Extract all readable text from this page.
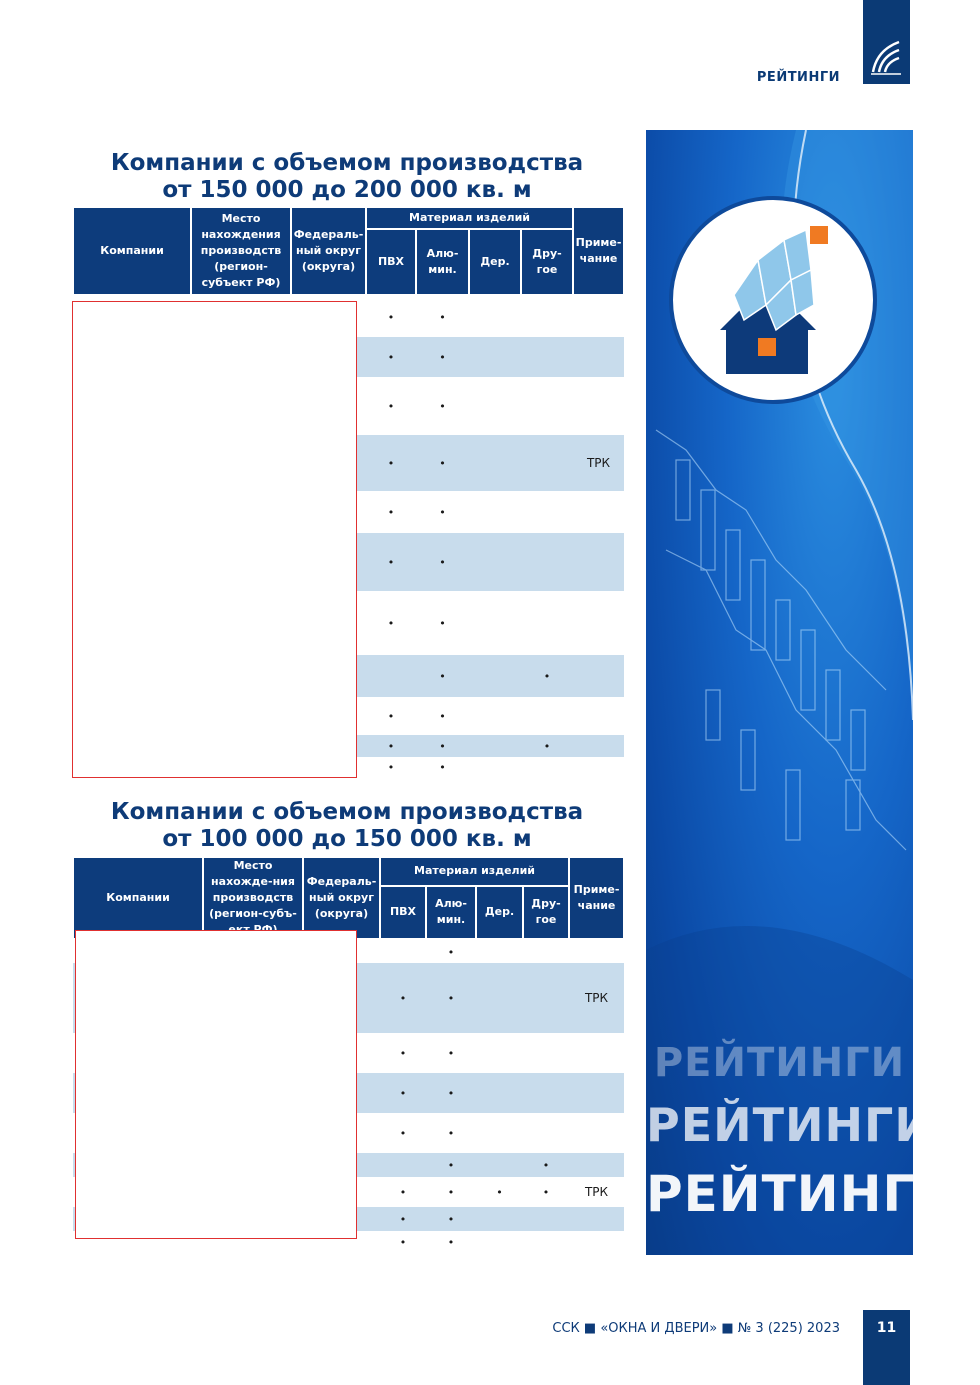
РЕЙТИНГИ
Компании с объемом производства
от 150 000 до 200 000 кв. м
Компании	Место нахождения производств (регион-субъект РФ)	Федераль-ный округ (округа)	Материал изделий				Приме-чание
			ПВХ	Алю-мин.	Дер.	Дру-гое	
			•	•			
			•	•			
			•	•			
			•	•			ТРК
			•	•			
			•	•			
			•	•			
				•		•	
			•	•			
			•	•		•	
			•	•			
Компании с объемом производства
от 100 000 до 150 000 кв. м
Компании	Место нахожде-ния производств (регион-субъ-	Федераль-ный округ (округа)	Материал изделий				Приме-чание
			ПВХ	Алю-мин.	Дер.	Дру-гое	
				•			
			•	•			ТРК
			•	•			
			•	•			
			•	•			
				•		•	
			•	•	•	•	ТРК
			•	•			
			•	•			
РЕЙТИНГИ
РЕЙТИНГИ
РЕЙТИНГИ
ССК ■ «ОКНА И ДВЕРИ» ■ № 3 (225) 2023	11
